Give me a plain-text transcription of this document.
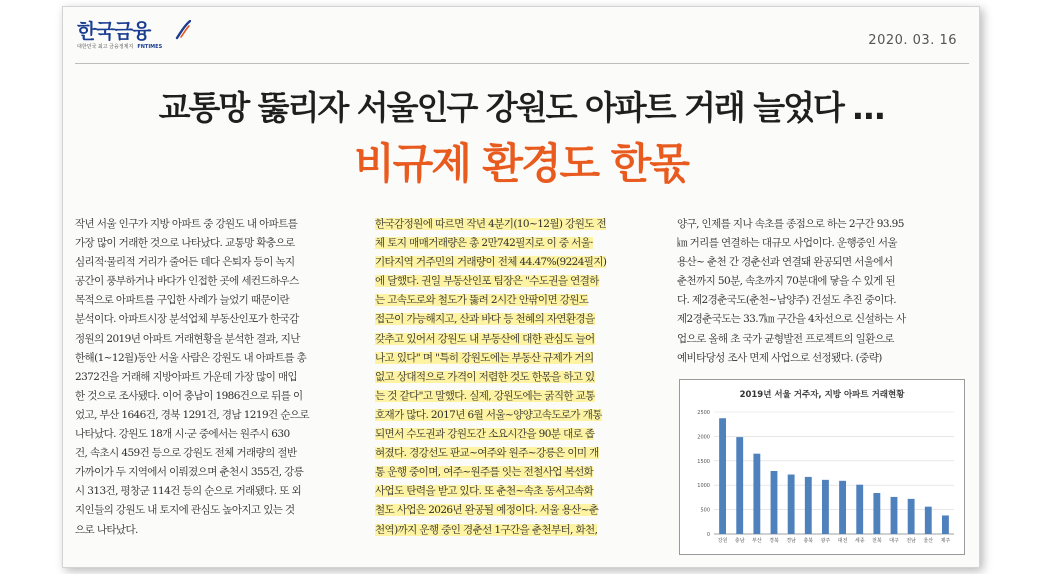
한국금융
대한민국 최고 금융정제지 FNTIMES	2020. 03. 16
교통망 뚫리자 서울인구 강원도 아파트 거래 늘었다 …
비규제 환경도 한몫
작년 서울 인구가 지방 아파트 중 강원도 내 아파트를
가장 많이 거래한 것으로 나타났다. 교통망 확충으로
심리적·물리적 거리가 줄어든 데다 은퇴자 등이 녹지
공간이 풍부하거나 바다가 인접한 곳에 세컨드하우스
목적으로 아파트를 구입한 사례가 늘었기 때문이란
분석이다. 아파트시장 분석업체 부동산인포가 한국감
정원의 2019년 아파트 거래현황을 분석한 결과, 지난
한해(1~12월)동안 서울 사람은 강원도 내 아파트를 총
2372건을 거래해 지방아파트 가운데 가장 많이 매입
한 것으로 조사됐다. 이어 충남이 1986건으로 뒤를 이
었고, 부산 1646건, 경북 1291건, 경남 1219건 순으로
나타났다. 강원도 18개 시·군 중에서는 원주시 630
건, 속초시 459건 등으로 강원도 전체 거래량의 절반
가까이가 두 지역에서 이뤄졌으며 춘천시 355건, 강릉
시 313건, 평창군 114건 등의 순으로 거래됐다. 또 외
지인들의 강원도 내 토지에 관심도 높아지고 있는 것
으로 나타났다.
한국감정원에 따르면 작년 4분기(10~12월) 강원도 전
체 토지 매매거래량은 총 2만742필지로 이 중 서울·
기타지역 거주민의 거래량이 전체 44.47%(9224필지)
에 달했다. 권일 부동산인포 팀장은 "수도권을 연결하
는 고속도로와 철도가 뚫려 2시간 안팎이면 강원도
접근이 가능해지고, 산과 바다 등 천혜의 자연환경을
갖추고 있어서 강원도 내 부동산에 대한 관심도 늘어
나고 있다" 며 "특히 강원도에는 부동산 규제가 거의
없고 상대적으로 가격이 저렴한 것도 한몫을 하고 있
는 것 같다"고 말했다. 실제, 강원도에는 굵직한 교통
호재가 많다. 2017년 6월 서울~양양고속도로가 개통
되면서 수도권과 강원도간 소요시간을 90분 대로 좁
혀졌다. 경강선도 판교~여주와 원주~강릉은 이미 개
통 운행 중이며, 여주~원주를 잇는 전철사업 복선화
사업도 탄력을 받고 있다. 또 춘천~속초 동서고속화
철도 사업은 2026년 완공될 예정이다. 서울 용산~춘
천역)까지 운행 중인 경춘선 1구간을 춘천부터, 화천,
양구, 인제를 지나 속초를 종점으로 하는 2구간 93.95
㎞ 거리를 연결하는 대규모 사업이다. 운행중인 서울
용산~ 춘천 간 경춘선과 연결돼 완공되면 서울에서
춘천까지 50분, 속초까지 70분대에 닿을 수 있게 된
다. 제2경춘국도(춘천~남양주) 건설도 추진 중이다.
제2경춘국도는 33.7㎞ 구간을 4차선으로 신설하는 사
업으로 올해 초 국가 균형발전 프로젝트의 일환으로
예비타당성 조사 면제 사업으로 선정됐다. (중략)
2019년 서울 거주자, 지방 아파트 거래현황
0
500
1000
1500
2000
2500
강원 충남 부산 경북 경남 충북 광주 대전 세종 전북 대구 전남 울산 제주
